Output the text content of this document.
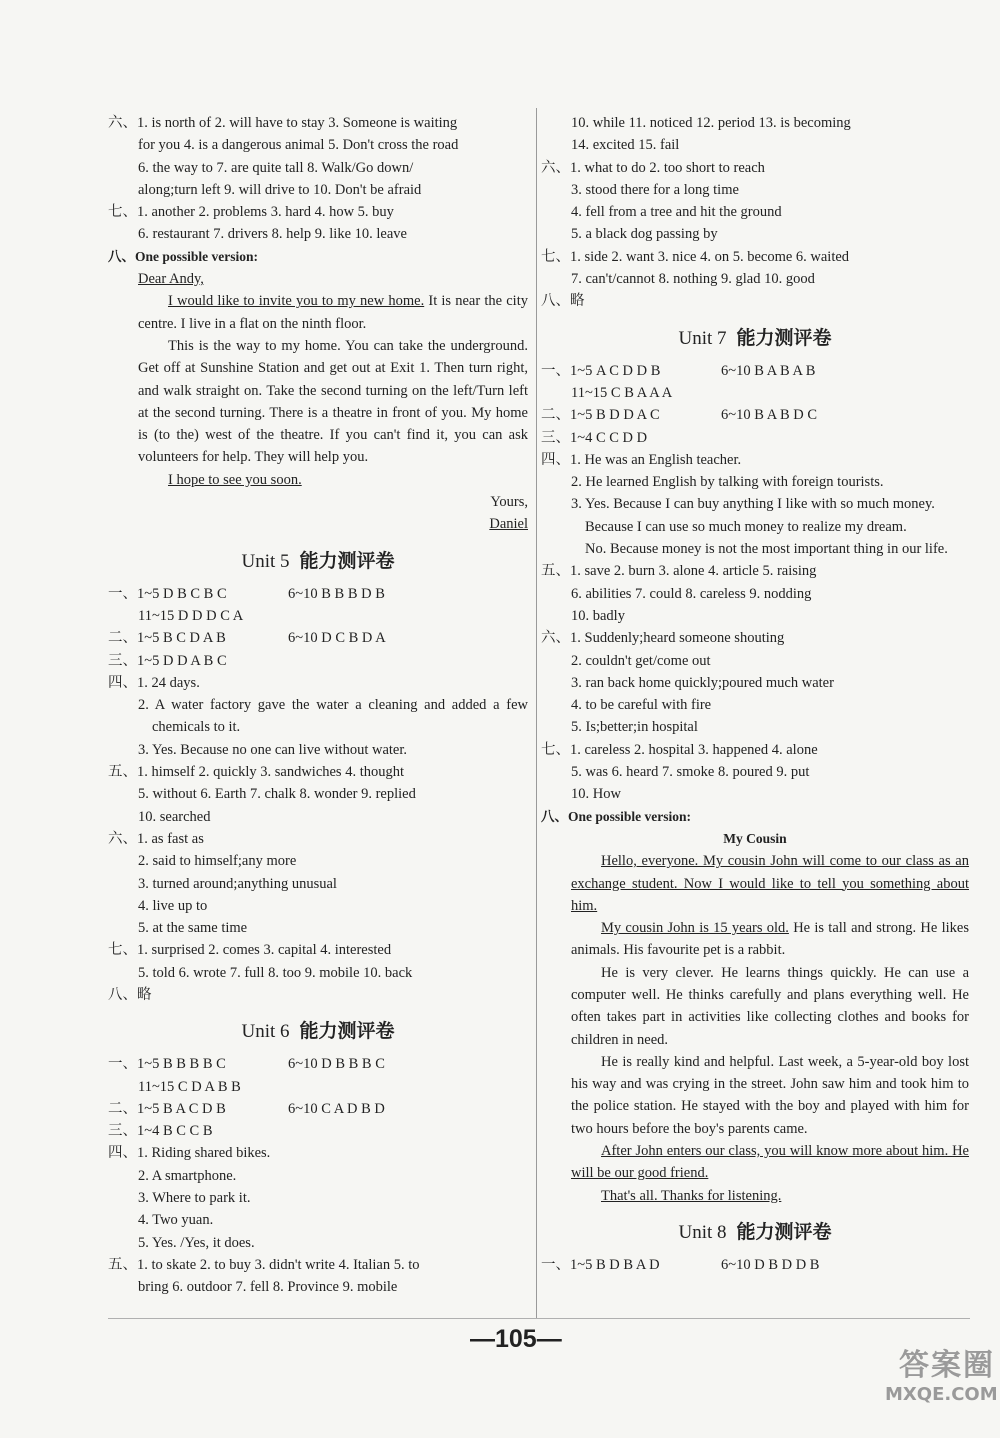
六、1. is north of 2. will have to stay 3. Someone is waiting
for you 4. is a dangerous animal 5. Don't cross the road
6. the way to 7. are quite tall 8. Walk/Go down/
along;turn left 9. will drive to 10. Don't be afraid
七、1. another 2. problems 3. hard 4. how 5. buy
6. restaurant 7. drivers 8. help 9. like 10. leave
八、One possible version:
Dear Andy,
I would like to invite you to my new home. It is near the city centre. I live in a flat on the ninth floor.
This is the way to my home. You can take the underground. Get off at Sunshine Station and get out at Exit 1. Then turn right, and walk straight on. Take the second turning on the left/Turn left at the second turning. There is a theatre in front of you. My home is (to the) west of the theatre. If you can't find it, you can ask volunteers for help. They will help you.
I hope to see you soon.
Yours,
Daniel
Unit 5 能力测评卷
一、1~5 D B C B C	6~10 B B B D B
11~15 D D D C A
二、1~5 B C D A B	6~10 D C B D A
三、1~5 D D A B C
四、1. 24 days.
2. A water factory gave the water a cleaning and added a few chemicals to it.
3. Yes. Because no one can live without water.
五、1. himself 2. quickly 3. sandwiches 4. thought
5. without 6. Earth 7. chalk 8. wonder 9. replied
10. searched
六、1. as fast as
2. said to himself;any more
3. turned around;anything unusual
4. live up to
5. at the same time
七、1. surprised 2. comes 3. capital 4. interested
5. told 6. wrote 7. full 8. too 9. mobile 10. back
八、略
Unit 6 能力测评卷
一、1~5 B B B B C	6~10 D B B B C
11~15 C D A B B
二、1~5 B A C D B	6~10 C A D B D
三、1~4 B C C B
四、1. Riding shared bikes.
2. A smartphone.
3. Where to park it.
4. Two yuan.
5. Yes. /Yes, it does.
五、1. to skate 2. to buy 3. didn't write 4. Italian 5. to
bring 6. outdoor 7. fell 8. Province 9. mobile
10. while 11. noticed 12. period 13. is becoming
14. excited 15. fail
六、1. what to do 2. too short to reach
3. stood there for a long time
4. fell from a tree and hit the ground
5. a black dog passing by
七、1. side 2. want 3. nice 4. on 5. become 6. waited
7. can't/cannot 8. nothing 9. glad 10. good
八、略
Unit 7 能力测评卷
一、1~5 A C D D B	6~10 B A B A B
11~15 C B A A A
二、1~5 B D D A C	6~10 B A B D C
三、1~4 C C D D
四、1. He was an English teacher.
2. He learned English by talking with foreign tourists.
3. Yes. Because I can buy anything I like with so much money.
Because I can use so much money to realize my dream.
No. Because money is not the most important thing in our life.
五、1. save 2. burn 3. alone 4. article 5. raising
6. abilities 7. could 8. careless 9. nodding
10. badly
六、1. Suddenly;heard someone shouting
2. couldn't get/come out
3. ran back home quickly;poured much water
4. to be careful with fire
5. Is;better;in hospital
七、1. careless 2. hospital 3. happened 4. alone
5. was 6. heard 7. smoke 8. poured 9. put
10. How
八、One possible version:
My Cousin
Hello, everyone. My cousin John will come to our class as an exchange student. Now I would like to tell you something about him.
My cousin John is 15 years old. He is tall and strong. He likes animals. His favourite pet is a rabbit.
He is very clever. He learns things quickly. He can use a computer well. He thinks carefully and plans everything well. He often takes part in activities like collecting clothes and books for children in need.
He is really kind and helpful. Last week, a 5-year-old boy lost his way and was crying in the street. John saw him and took him to the police station. He stayed with the boy and played with him for two hours before the boy's parents came.
After John enters our class, you will know more about him. He will be our good friend.
That's all. Thanks for listening.
Unit 8 能力测评卷
一、1~5 B D B A D	6~10 D B D D B
—105—
答案圈
MXQE.COM
